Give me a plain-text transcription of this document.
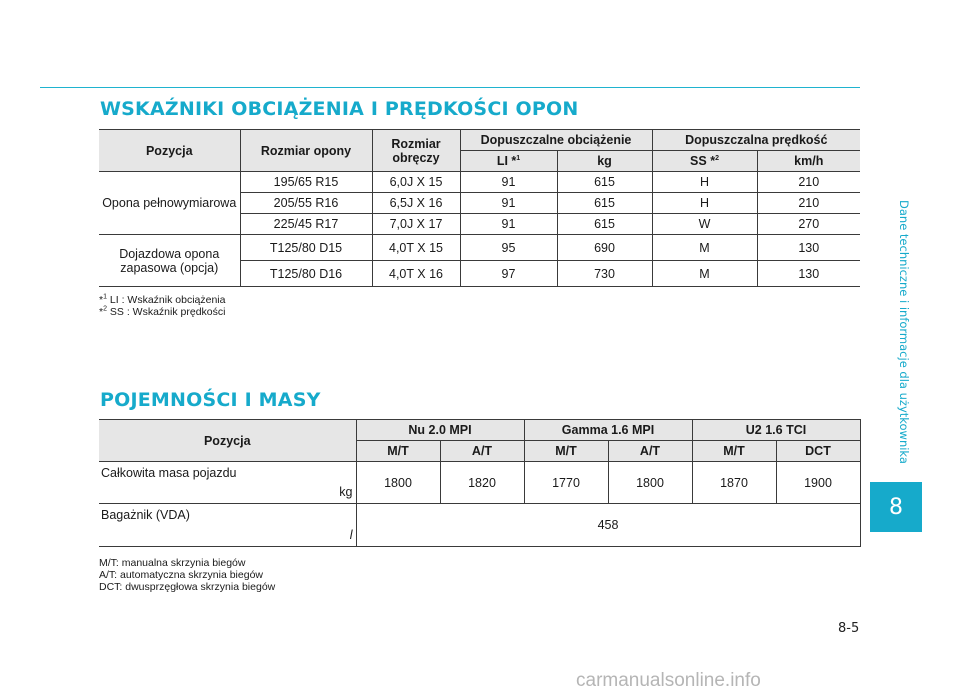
WSKAŹNIKI OBCIĄŻENIA I PRĘDKOŚCI OPON
Pozycja	Rozmiar opony	Rozmiar obręczy	Dopuszczalne obciążenie		Dopuszczalna prędkość	
			LI *$^1$	kg	SS *$^2$	km/h
Opona pełnowymiarowa	195/65 R15	6,0J X 15	91	615	H	210
	205/55 R16	6,5J X 16	91	615	H	210
	225/45 R17	7,0J X 17	91	615	W	270
Dojazdowa opona zapasowa (opcja)	T125/80 D15	4,0T X 15	95	690	M	130
	T125/80 D16	4,0T X 16	97	730	M	130
*$^1$ LI : Wskaźnik obciążenia
*$^2$ SS : Wskaźnik prędkości
POJEMNOŚCI I MASY
Pozycja	Nu 2.0 MPI		Gamma 1.6 MPI		U2 1.6 TCI	
	M/T	A/T	M/T	A/T	M/T	DCT
Całkowita masa pojazdu
kg	1800	1820	1770	1800	1870	1900
Bagażnik (VDA)
l	458					
M/T: manualna skrzynia biegów
A/T: automatyczna skrzynia biegów
DCT: dwusprzęgłowa skrzynia biegów
Dane techniczne i informacje dla użytkownika
8
8-5
carmanualsonline.info
